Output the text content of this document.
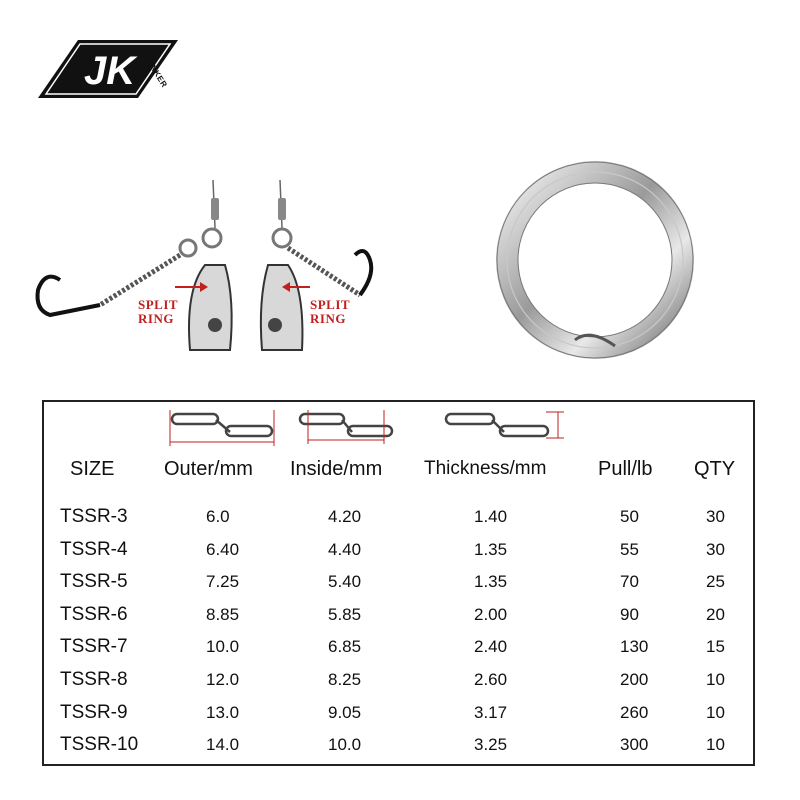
JK JANKER
SPLIT
RING
SPLIT
RING
SIZE Outer/mm Inside/mm Thickness/mm	Pull/lb QTY
TSSR-3	6.0	4.20	1.40	50	30
TSSR-4	6.40	4.40	1.35	55	30
TSSR-5	7.25	5.40	1.35	70	25
TSSR-6	8.85	5.85	2.00	90	20
TSSR-7	10.0	6.85	2.40	130	15
TSSR-8	12.0	8.25	2.60	200	10
TSSR-9	13.0	9.05	3.17	260	10
TSSR-10	14.0	10.0	3.25	300	10
